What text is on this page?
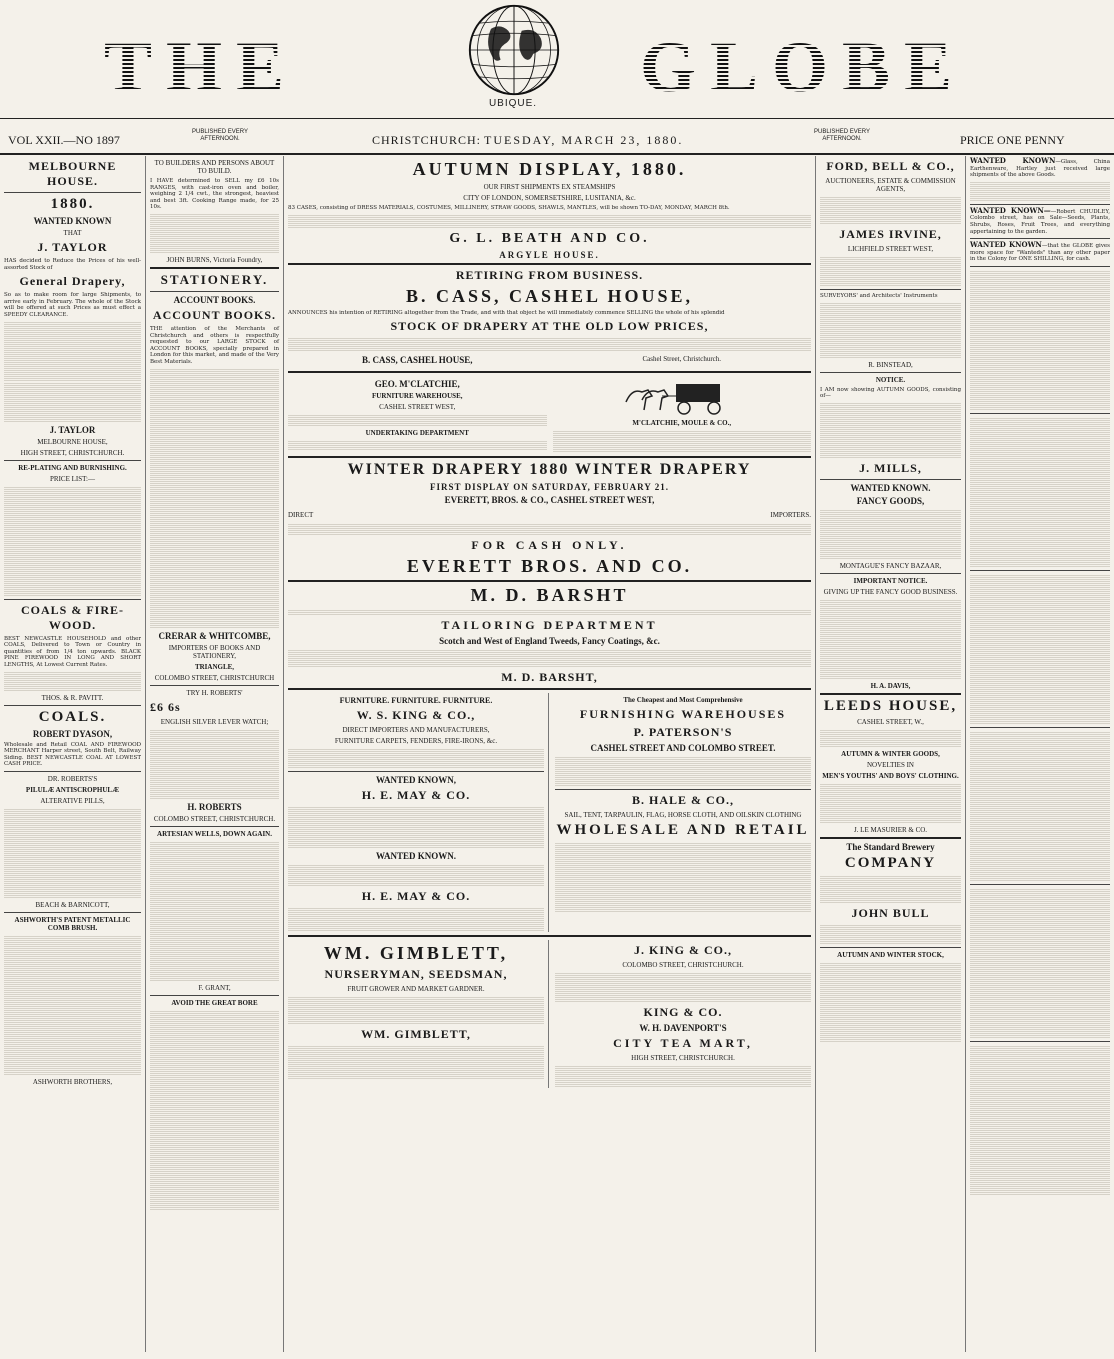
THE	GLOBE
UBIQUE.
VOL XXII.—NO 1897
PUBLISHED EVERY AFTERNOON.	CHRISTCHURCH: TUESDAY, MARCH 23, 1880.
PUBLISHED EVERY AFTERNOON.	PRICE ONE PENNY
MELBOURNE HOUSE.
1880.
WANTED KNOWN
THAT
J. TAYLOR

HAS decided to Reduce the Prices of his well-assorted Stock of

General Drapery,

So as to make room for large Shipments, to arrive early in February. The whole of the Stock will be offered at such Prices as must effect a SPEEDY CLEARANCE.

J. TAYLOR
MELBOURNE HOUSE,
HIGH STREET, CHRISTCHURCH.
RE-PLATING AND BURNISHING.
PRICE LIST:—
COALS & FIRE-WOOD.

BEST NEWCASTLE HOUSEHOLD and other COALS, Delivered to Town or Country in quantities of from 1/4 ton upwards. BLACK PINE FIREWOOD IN LONG AND SHORT LENGTHS, At Lowest Current Rates.

THOS. & R. PAVITT.
COALS.
ROBERT DYASON,

Wholesale and Retail COAL AND FIREWOOD MERCHANT Harper street, South Belt, Railway Siding. BEST NEWCASTLE COAL AT LOWEST CASH PRICE.

DR. ROBERTS'S
PILULÆ ANTISCROPHULÆ
ALTERATIVE PILLS,
BEACH & BARNICOTT,
ASHWORTH'S PATENT METALLIC COMB BRUSH.
ASHWORTH BROTHERS,
TO BUILDERS AND PERSONS ABOUT TO BUILD.

I HAVE determined to SELL my £6 10s RANGES, with cast-iron oven and boiler, weighing 2 1/4 cwt., the strongest, heaviest and best 3ft. Cooking Range made, for 25 10s.

JOHN BURNS, Victoria Foundry,
STATIONERY.
ACCOUNT BOOKS.
ACCOUNT BOOKS.

THE attention of the Merchants of Christchurch and others is respectfully requested to our LARGE STOCK of ACCOUNT BOOKS, specially prepared in London for this market, and made of the Very Best Materials.

CRERAR & WHITCOMBE,
IMPORTERS OF BOOKS AND STATIONERY,
TRIANGLE,
COLOMBO STREET, CHRISTCHURCH
TRY H. ROBERTS'
£6 6s
ENGLISH SILVER LEVER WATCH;
H. ROBERTS
COLOMBO STREET, CHRISTCHURCH.
ARTESIAN WELLS, DOWN AGAIN.
F. GRANT,
AVOID THE GREAT BORE
AUTUMN DISPLAY, 1880.
OUR FIRST SHIPMENTS EX STEAMSHIPS
CITY OF LONDON, SOMERSETSHIRE, LUSITANIA, &c.

83 CASES, consisting of DRESS MATERIALS, COSTUMES, MILLINERY, STRAW GOODS, SHAWLS, MANTLES, will be shown TO-DAY, MONDAY, MARCH 8th.

G. L. BEATH AND CO.
ARGYLE HOUSE.
RETIRING FROM BUSINESS.
B. CASS, CASHEL HOUSE,

ANNOUNCES his intention of RETIRING altogether from the Trade, and with that object he will immediately commence SELLING the whole of his splendid

STOCK OF DRAPERY AT THE OLD LOW PRICES,
B. CASS, CASHEL HOUSE,	Cashel Street, Christchurch.
GEO. M'CLATCHIE,
FURNITURE WAREHOUSE,
CASHEL STREET WEST,
UNDERTAKING DEPARTMENT
M'CLATCHIE, MOULE & CO.,
WINTER DRAPERY 1880 WINTER DRAPERY
FIRST DISPLAY ON SATURDAY, FEBRUARY 21.
EVERETT, BROS. & CO., CASHEL STREET WEST,
DIRECT	IMPORTERS.
FOR CASH ONLY.
EVERETT BROS. AND CO.
M. D. BARSHT
TAILORING DEPARTMENT
Scotch and West of England Tweeds, Fancy Coatings, &c.
M. D. BARSHT,
FURNITURE. FURNITURE. FURNITURE.
W. S. KING & CO.,
DIRECT IMPORTERS AND MANUFACTURERS,
FURNITURE CARPETS, FENDERS, FIRE-IRONS, &c.
WANTED KNOWN,
H. E. MAY & CO.
WANTED KNOWN.
H. E. MAY & CO.
The Cheapest and Most Comprehensive
FURNISHING WAREHOUSES
P. PATERSON'S
CASHEL STREET AND COLOMBO STREET.
B. HALE & CO.,
SAIL, TENT, TARPAULIN, FLAG, HORSE CLOTH, AND OILSKIN CLOTHING
WHOLESALE AND RETAIL
WM. GIMBLETT,
NURSERYMAN, SEEDSMAN,
FRUIT GROWER AND MARKET GARDNER.
WM. GIMBLETT,
J. KING & CO.,
COLOMBO STREET, CHRISTCHURCH.
KING & CO.
W. H. DAVENPORT'S
CITY TEA MART,
HIGH STREET, CHRISTCHURCH.
FORD, BELL & CO.,
AUCTIONEERS, ESTATE & COMMISSION AGENTS,
JAMES IRVINE,
LICHFIELD STREET WEST,

SURVEYORS' and Architects' Instruments

R. BINSTEAD,
NOTICE.

I AM now showing AUTUMN GOODS, consisting of—

J. MILLS,
WANTED KNOWN.
FANCY GOODS,
MONTAGUE'S FANCY BAZAAR,
IMPORTANT NOTICE.
GIVING UP THE FANCY GOOD BUSINESS.
H. A. DAVIS,
LEEDS HOUSE,
CASHEL STREET, W.,
AUTUMN & WINTER GOODS,
NOVELTIES IN
MEN'S YOUTHS' AND BOYS' CLOTHING.
J. LE MASURIER & CO.
The Standard Brewery
COMPANY
JOHN BULL
AUTUMN AND WINTER STOCK,

WANTED KNOWN—Glass, China Earthenware, Hartley just received large shipments of the above Goods.

WANTED KNOWN——Robert CHUDLEY, Colombo street, has on Sale—Seeds, Plants, Shrubs, Roses, Fruit Trees, and everything appertaining to the garden.

WANTED KNOWN—that the GLOBE gives more space for "Wanteds" than any other paper in the Colony for ONE SHILLING, for cash.
